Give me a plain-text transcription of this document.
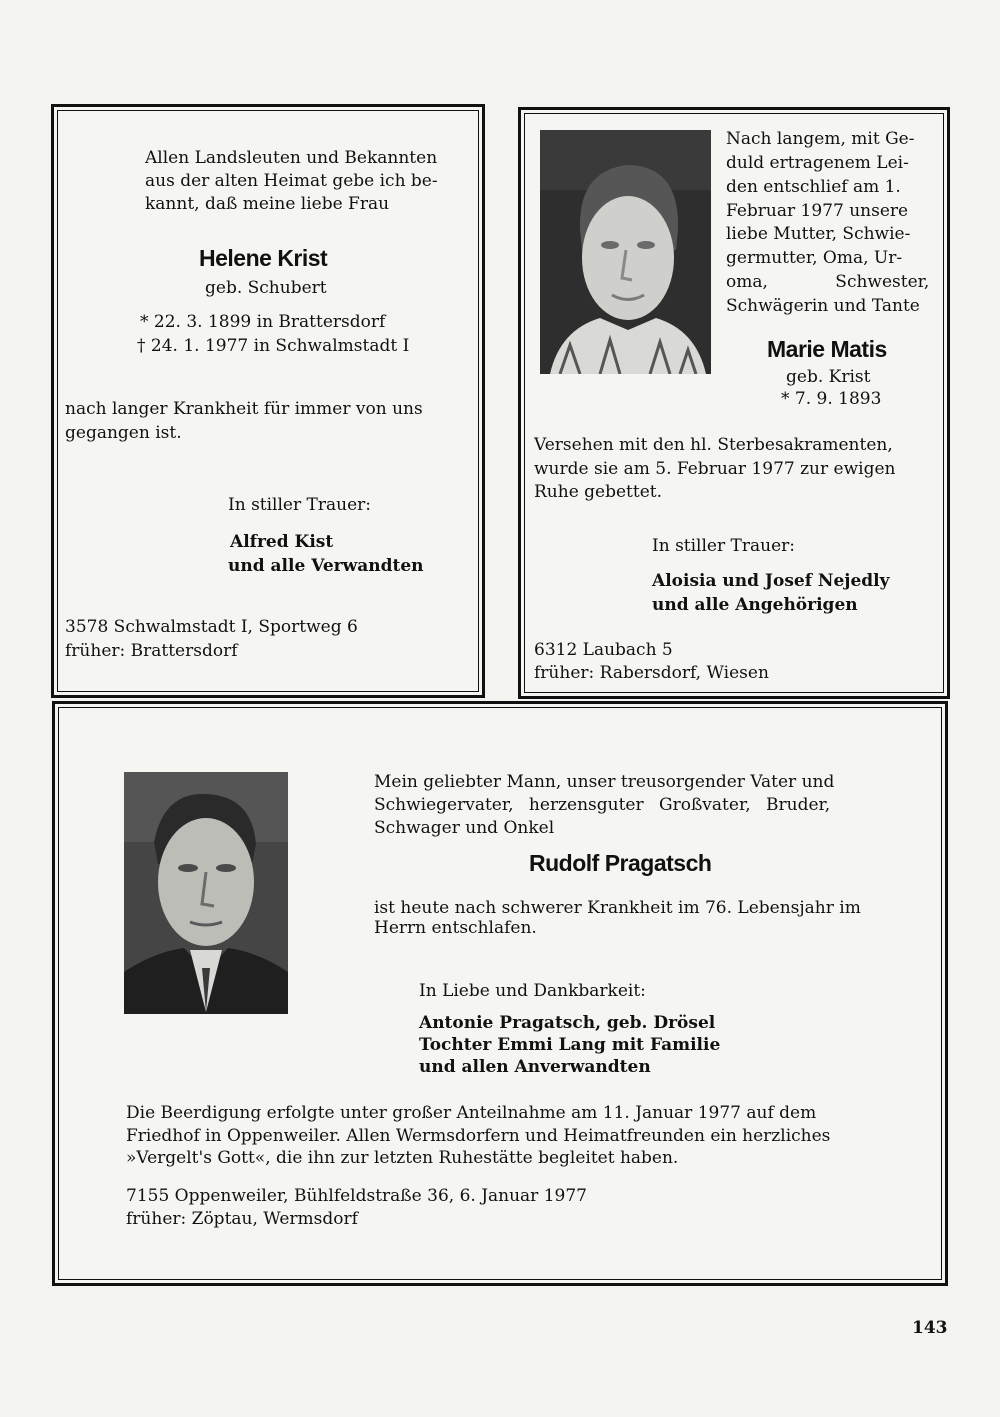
Allen Landsleuten und Bekannten

aus der alten Heimat gebe ich be-

kannt, daß meine liebe Frau

Helene Krist

geb. Schubert

* 22. 3. 1899 in Brattersdorf

† 24. 1. 1977 in Schwalmstadt I

nach langer Krankheit für immer von uns

gegangen ist.

In stiller Trauer:

Alfred Kist

und alle Verwandten

3578 Schwalmstadt I, Sportweg 6

früher: Brattersdorf

Nach langem, mit Ge-

duld ertragenem Lei-

den entschlief am 1.

Februar 1977 unsere

liebe Mutter, Schwie-

germutter, Oma, Ur-

oma, Schwester,

Schwägerin und Tante

Marie Matis

geb. Krist

* 7. 9. 1893

Versehen mit den hl. Sterbesakramenten,

wurde sie am 5. Februar 1977 zur ewigen

Ruhe gebettet.

In stiller Trauer:

Aloisia und Josef Nejedly

und alle Angehörigen

6312 Laubach 5

früher: Rabersdorf, Wiesen

Mein geliebter Mann, unser treusorgender Vater und

Schwiegervater, herzensguter Großvater, Bruder,

Schwager und Onkel

Rudolf Pragatsch

ist heute nach schwerer Krankheit im 76. Lebensjahr im

Herrn entschlafen.

In Liebe und Dankbarkeit:

Antonie Pragatsch, geb. Drösel

Tochter Emmi Lang mit Familie

und allen Anverwandten

Die Beerdigung erfolgte unter großer Anteilnahme am 11. Januar 1977 auf dem

Friedhof in Oppenweiler. Allen Wermsdorfern und Heimatfreunden ein herzliches

»Vergelt's Gott«, die ihn zur letzten Ruhestätte begleitet haben.

7155 Oppenweiler, Bühlfeldstraße 36, 6. Januar 1977

früher: Zöptau, Wermsdorf

143
